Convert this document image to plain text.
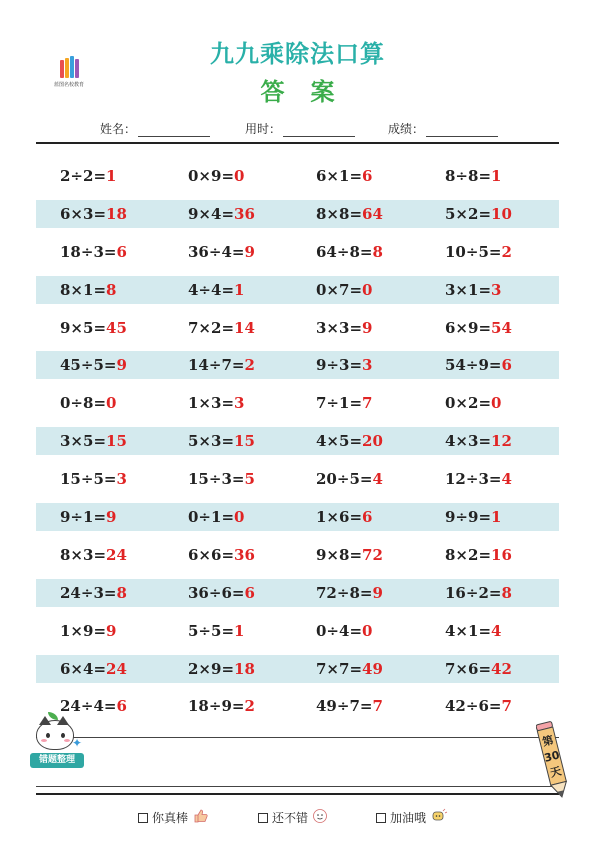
蓝图名校教育
九九乘除法口算
答案
姓名：	用时：	成绩：
2÷2=1	0×9=0	6×1=6	8÷8=1
6×3=18	9×4=36	8×8=64	5×2=10
18÷3=6	36÷4=9	64÷8=8	10÷5=2
8×1=8	4÷4=1	0×7=0	3×1=3
9×5=45	7×2=14	3×3=9	6×9=54
45÷5=9	14÷7=2	9÷3=3	54÷9=6
0÷8=0	1×3=3	7÷1=7	0×2=0
3×5=15	5×3=15	4×5=20	4×3=12
15÷5=3	15÷3=5	20÷5=4	12÷3=4
9÷1=9	0÷1=0	1×6=6	9÷9=1
8×3=24	6×6=36	9×8=72	8×2=16
24÷3=8	36÷6=6	72÷8=9	16÷2=8
1×9=9	5÷5=1	0÷4=0	4×1=4
6×4=24	2×9=18	7×7=49	7×6=42
24÷4=6	18÷9=2	49÷7=7	42÷6=7
✦
错题整理
第
30
天
你真棒	还不错	加油哦
